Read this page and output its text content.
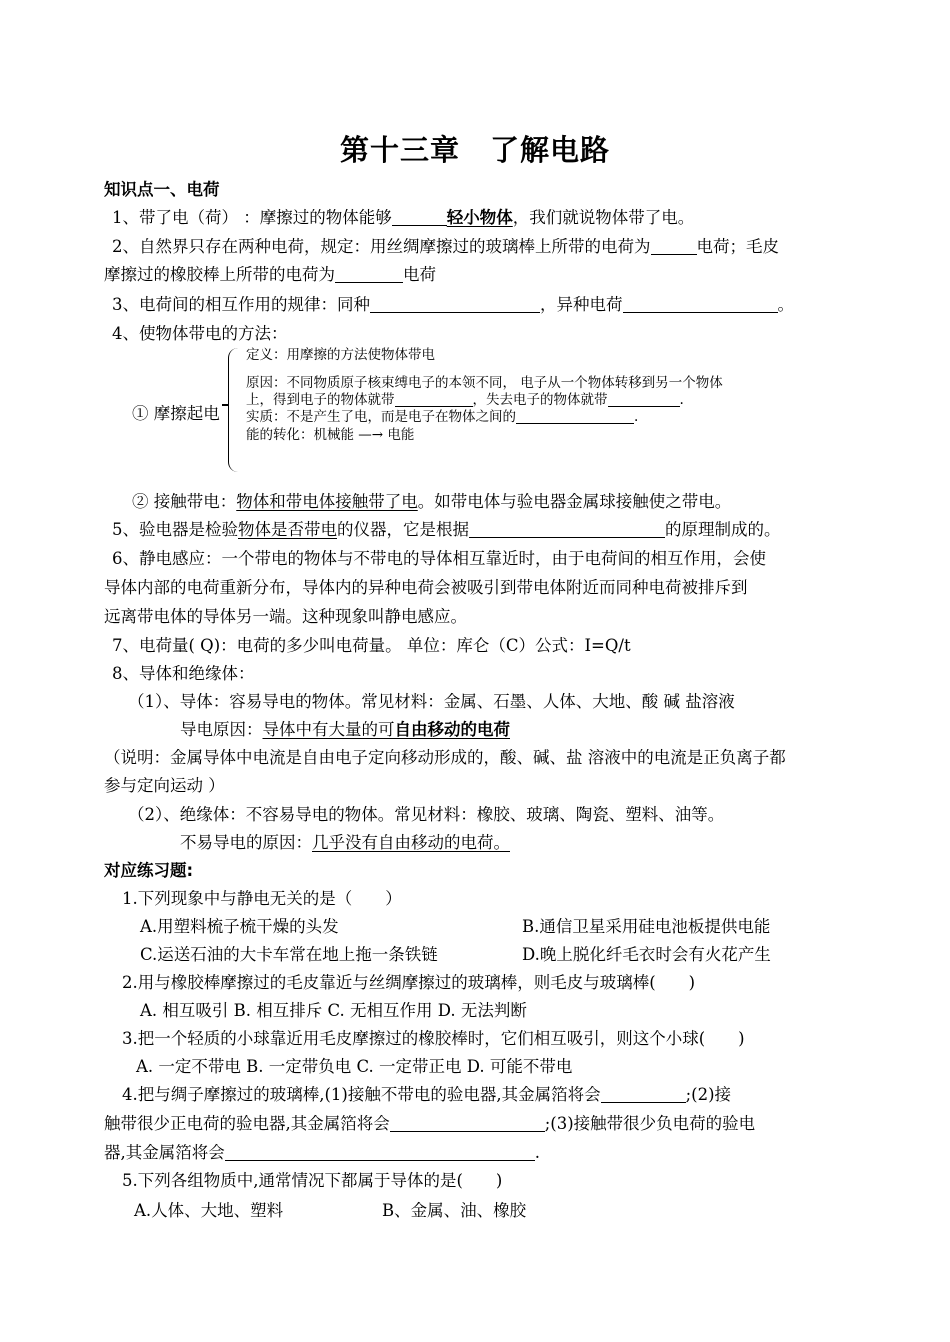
第十三章　了解电路
知识点一、电荷
1、带了电（荷） ：摩擦过的物体能够	轻小物体，我们就说物体带了电。
2、自然界只存在两种电荷，规定：用丝绸摩擦过的玻璃棒上所带的电荷为	电荷；毛皮
摩擦过的橡胶棒上所带的电荷为	电荷
3、电荷间的相互作用的规律：同种	，异种电荷	。
4、使物体带电的方法：
① 摩擦起电
定义：用摩擦的方法使物体带电
原因：不同物质原子核束缚电子的本领不同， 电子从一个物体转移到另一个物体
上，得到电子的物体就带	，失去电子的物体就带	.
实质：不是产生了电，而是电子在物体之间的	.
能的转化：机械能 —→ 电能
② 接触带电：物体和带电体接触带了电。如带电体与验电器金属球接触使之带电。
5、验电器是检验物体是否带电的仪器，它是根据	的原理制成的。
6、静电感应：一个带电的物体与不带电的导体相互靠近时，由于电荷间的相互作用，会使
导体内部的电荷重新分布，导体内的异种电荷会被吸引到带电体附近而同种电荷被排斥到
远离带电体的导体另一端。这种现象叫静电感应。
7、电荷量( Q)：电荷的多少叫电荷量。 单位：库仑（C）公式：I=Q/t
8、导体和绝缘体：
（1）、导体：容易导电的物体。常见材料：金属、石墨、人体、大地、酸 碱 盐溶液
导电原因：导体中有大量的可自由移动的电荷
（说明：金属导体中电流是自由电子定向移动形成的，酸、碱、盐 溶液中的电流是正负离子都
参与定向运动 ）
（2）、绝缘体：不容易导电的物体。常见材料：橡胶、玻璃、陶瓷、塑料、油等。
不易导电的原因：几乎没有自由移动的电荷。
对应练习题:
1.下列现象中与静电无关的是（　　）
A.用塑料梳子梳干燥的头发	B.通信卫星采用硅电池板提供电能
C.运送石油的大卡车常在地上拖一条铁链	D.晚上脱化纤毛衣时会有火花产生
2.用与橡胶棒摩擦过的毛皮靠近与丝绸摩擦过的玻璃棒，则毛皮与玻璃棒(　　)
A. 相互吸引 B. 相互排斥 C. 无相互作用 D. 无法判断
3.把一个轻质的小球靠近用毛皮摩擦过的橡胶棒时，它们相互吸引，则这个小球(　　)
A. 一定不带电 B. 一定带负电 C. 一定带正电 D. 可能不带电
4.把与绸子摩擦过的玻璃棒,(1)接触不带电的验电器,其金属箔将会	;(2)接
触带很少正电荷的验电器,其金属箔将会	;(3)接触带很少负电荷的验电
器,其金属箔将会	.
5.下列各组物质中,通常情况下都属于导体的是(　　)
A.人体、大地、塑料	B、金属、油、橡胶
